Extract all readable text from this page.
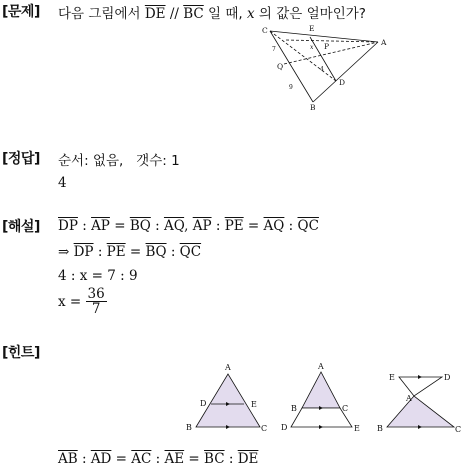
[문제] 다음 그림에서 $\overline{DE} // \overline{BC}$ 일 때, x 의 값은 얼마인가?
C	E
A
P
Q
D
B
7
4
9
x
[정답] 순서: 없음,   갯수: 1
4
[해설] $\overline{DP}$ : $\overline{AP} = \overline{BQ}$ : $\overline{AQ}$, $\overline{AP}$ : $\overline{PE} = \overline{AQ}$ : $\overline{QC}$
⇒ $\overline{DP}$ : $\overline{PE} = \overline{BQ}$ : $\overline{QC}$
4 : x = 7 : 9
$x = \frac{36}{7}$
[힌트]
A
D	E
B	C
A
B	C
D	E
E	D
A
B	C
$\overline{AB}$ : $\overline{AD} = \overline{AC}$ : $\overline{AE} = \overline{BC}$ : $\overline{DE}$
